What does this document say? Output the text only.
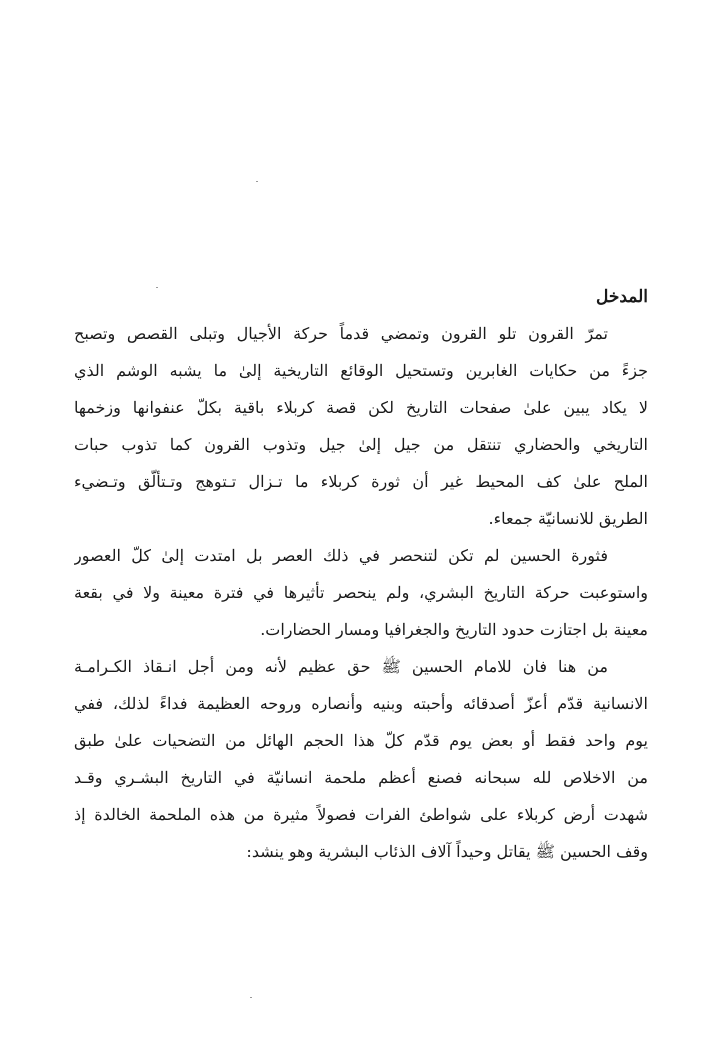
المدخل
تمرّ القرون تلو القرون وتمضي قدماً حركة الأجيال وتبلى القصص وتصبح
جزءً من حكايات الغابرين وتستحيل الوقائع التاريخية إلىٰ ما يشبه الوشم الذي
لا يكاد يبين علىٰ صفحات التاريخ لكن قصة كربلاء باقية بكلّ عنفوانها وزخمها
التاريخي والحضاري تنتقل من جيل إلىٰ جيل وتذوب القرون كما تذوب حبات
الملح علىٰ كف المحيط غير أن ثورة كربلاء ما تـزال تـتوهج وتـتألّق وتـضيء
الطريق للانسانيّة جمعاء.
فثورة الحسين لم تكن لتنحصر في ذلك العصر بل امتدت إلىٰ كلّ العصور
واستوعبت حركة التاريخ البشري، ولم ينحصر تأثيرها في فترة معينة ولا في بقعة
معينة بل اجتازت حدود التاريخ والجغرافيا ومسار الحضارات.
من هنا فان للامام الحسين ﷺ حق عظيم لأنه ومن أجل انـقاذ الكـرامـة
الانسانية قدّم أعزّ أصدقائه وأحبته وبنيه وأنصاره وروحه العظيمة فداءً لذلك، ففي
يوم واحد فقط أو بعض يوم قدّم كلّ هذا الحجم الهائل من التضحيات علىٰ طبق
من الاخلاص لله سبحانه فصنع أعظم ملحمة انسانيّة في التاريخ البشـري وقـد
شهدت أرض كربلاء على شواطئ الفرات فصولاً مثيرة من هذه الملحمة الخالدة إذ
وقف الحسين ﷺ يقاتل وحيداً آلاف الذئاب البشرية وهو ينشد:
